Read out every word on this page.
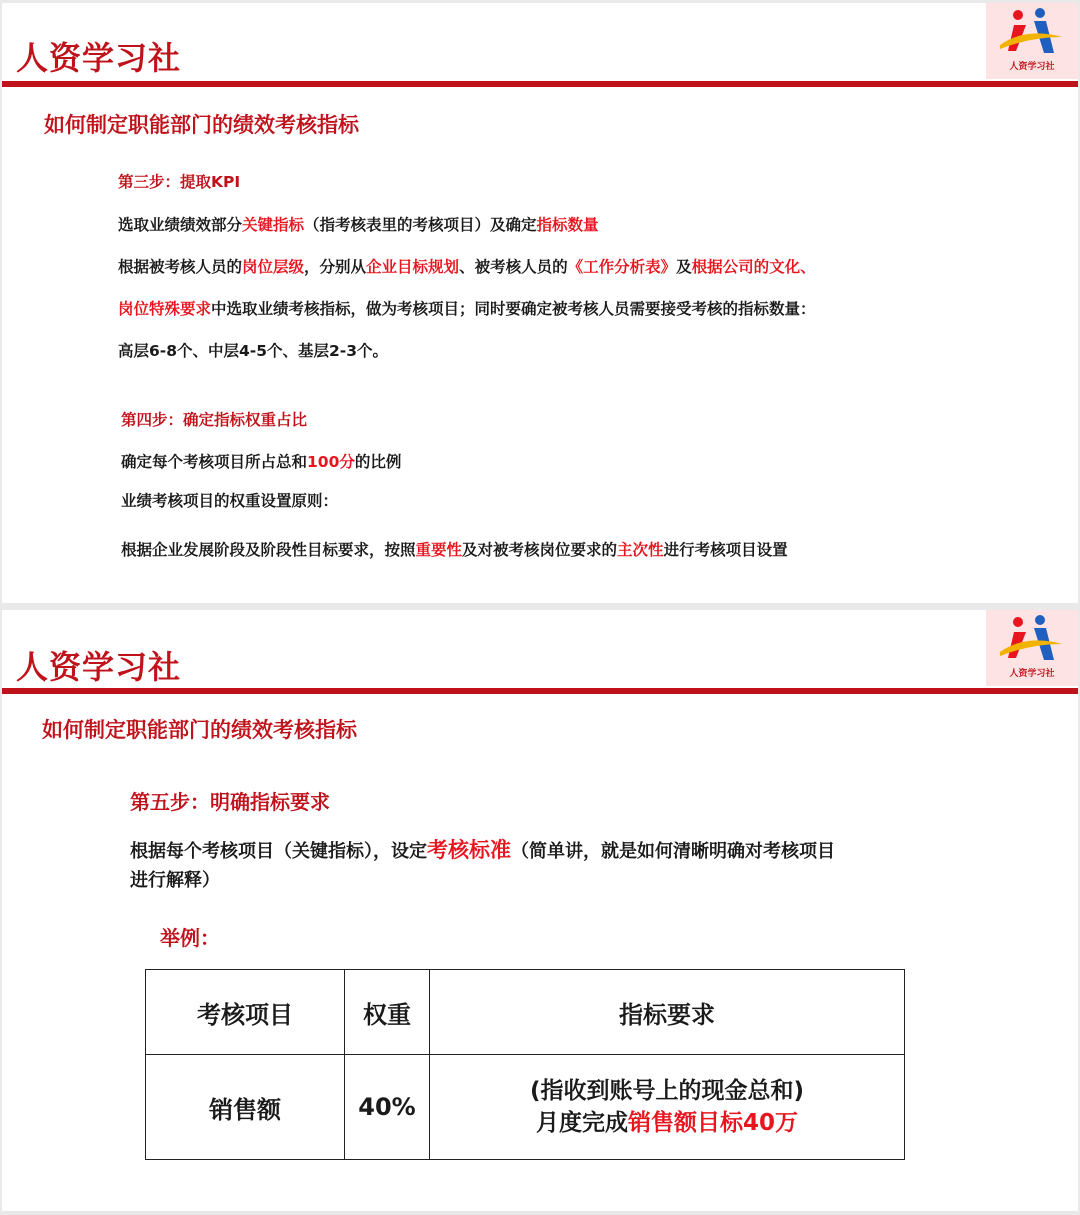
人资学习社	人资学习社
如何制定职能部门的绩效考核指标
第三步：提取KPI
选取业绩绩效部分关键指标（指考核表里的考核项目）及确定指标数量
根据被考核人员的岗位层级，分别从企业目标规划、被考核人员的《工作分析表》及根据公司的文化、
岗位特殊要求中选取业绩考核指标，做为考核项目；同时要确定被考核人员需要接受考核的指标数量：
高层6-8个、中层4-5个、基层2-3个。
第四步：确定指标权重占比
确定每个考核项目所占总和100分的比例
业绩考核项目的权重设置原则：
根据企业发展阶段及阶段性目标要求，按照重要性及对被考核岗位要求的主次性进行考核项目设置
人资学习社	人资学习社
如何制定职能部门的绩效考核指标
第五步：明确指标要求
根据每个考核项目（关键指标），设定考核标准（简单讲，就是如何清晰明确对考核项目
进行解释）
举例：
考核项目	权重	指标要求
销售额	40%	(指收到账号上的现金总和)
月度完成销售额目标40万
